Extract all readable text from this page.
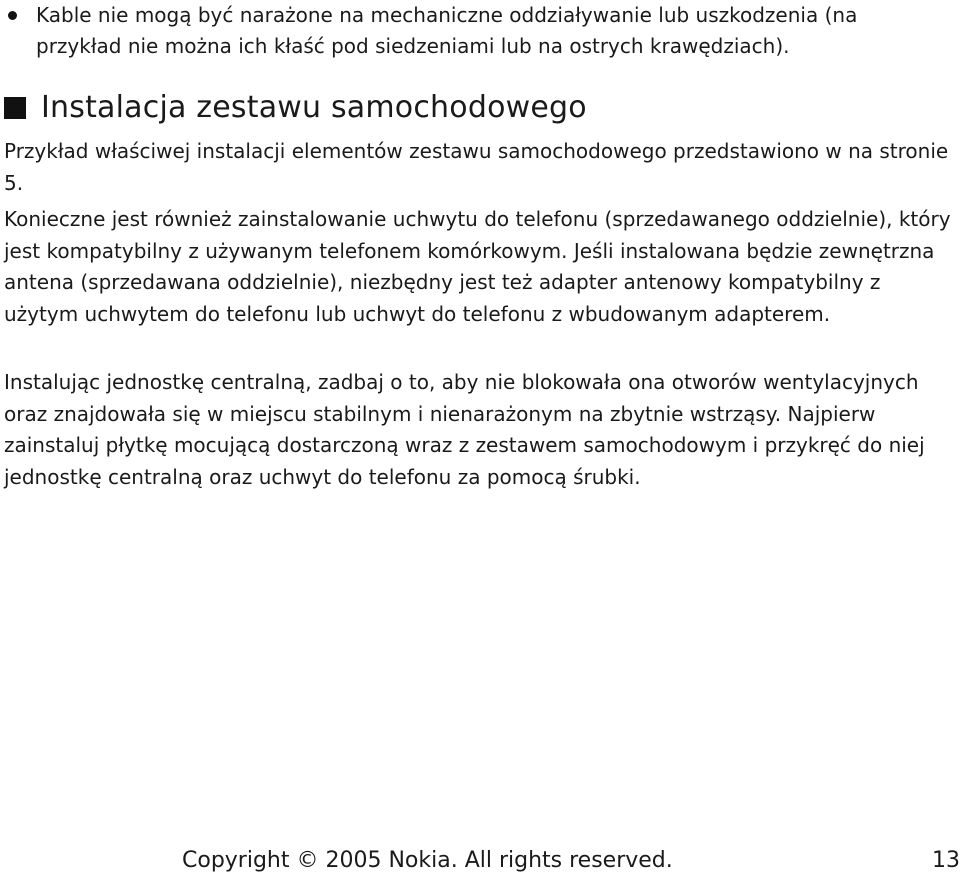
Kable nie mogą być narażone na mechaniczne oddziaływanie lub uszkodzenia (na przykład nie można ich kłaść pod siedzeniami lub na ostrych krawędziach).

Instalacja zestawu samochodowego

Przykład właściwej instalacji elementów zestawu samochodowego przedstawiono w na stronie 5.

Konieczne jest również zainstalowanie uchwytu do telefonu (sprzedawanego oddzielnie), który jest kompatybilny z używanym telefonem komórkowym. Jeśli instalowana będzie zewnętrzna antena (sprzedawana oddzielnie), niezbędny jest też adapter antenowy kompatybilny z użytym uchwytem do telefonu lub uchwyt do telefonu z wbudowanym adapterem.

Instalując jednostkę centralną, zadbaj o to, aby nie blokowała ona otworów wentylacyjnych oraz znajdowała się w miejscu stabilnym i nienarażonym na zbytnie wstrząsy. Najpierw zainstaluj płytkę mocującą dostarczoną wraz z zestawem samochodowym i przykręć do niej jednostkę centralną oraz uchwyt do telefonu za pomocą śrubki.

Copyright © 2005 Nokia. All rights reserved.	13
